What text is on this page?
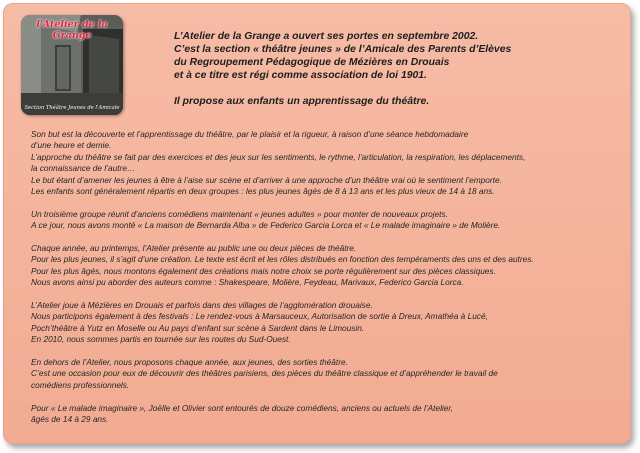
l'Atelier de la Grange
Section Théâtre Jeunes de l'Amicale
L’Atelier de la Grange a ouvert ses portes en septembre 2002.
C’est la section « théâtre jeunes » de l’Amicale des Parents d’Elèves
du Regroupement Pédagogique de Mézières en Drouais
et à ce titre est régi comme association de loi 1901.
Il propose aux enfants un apprentissage du théâtre.
Son but est la découverte et l’apprentissage du théâtre, par le plaisir et la rigueur, à raison d’une séance hebdomadaire
d’une heure et demie.
L’approche du théâtre se fait par des exercices et des jeux sur les sentiments, le rythme, l’articulation, la respiration, les déplacements,
la connaissance de l’autre…
Le but étant d’amener les jeunes à être à l’aise sur scène et d’arriver à une approche d’un théâtre vrai où le sentiment l’emporte.
Les enfants sont généralement répartis en deux groupes : les plus jeunes âgés de 8 à 13 ans et les plus vieux de 14 à 18 ans.
Un troisième groupe réunit d’anciens comédiens maintenant « jeunes adultes » pour monter de nouveaux projets.
A ce jour, nous avons monté « La maison de Bernarda Alba » de Federico Garcia Lorca et « Le malade imaginaire » de Molière.
Chaque année, au printemps, l’Atelier présente au public une ou deux pièces de théâtre.
Pour les plus jeunes, il s’agit d’une création. Le texte est écrit et les rôles distribués en fonction des tempéraments des uns et des autres.
Pour les plus âgés, nous montons également des créations mais notre choix se porte régulièrement sur des pièces classiques.
Nous avons ainsi pu aborder des auteurs comme : Shakespeare, Molière, Feydeau, Marivaux, Federico Garcia Lorca.
L’Atelier joue à Mézières en Drouais et parfois dans des villages de l’agglomération drouaise.
Nous participons également à des festivals : Le rendez-vous à Marsauceux, Autorisation de sortie à Dreux, Amathéa à Lucé,
Poch’théâtre à Yutz en Moselle ou Au pays d’enfant sur scène à Sardent dans le Limousin.
En 2010, nous sommes partis en tournée sur les routes du Sud-Ouest.
En dehors de l’Atelier, nous proposons chaque année, aux jeunes, des sorties théâtre.
C’est une occasion pour eux de découvrir des théâtres parisiens, des pièces du théâtre classique et d’appréhender le travail de
comédiens professionnels.
Pour « Le malade imaginaire », Joëlle et Olivier sont entourés de douze comédiens, anciens ou actuels de l’Atelier,
âgés de 14 à 29 ans.
